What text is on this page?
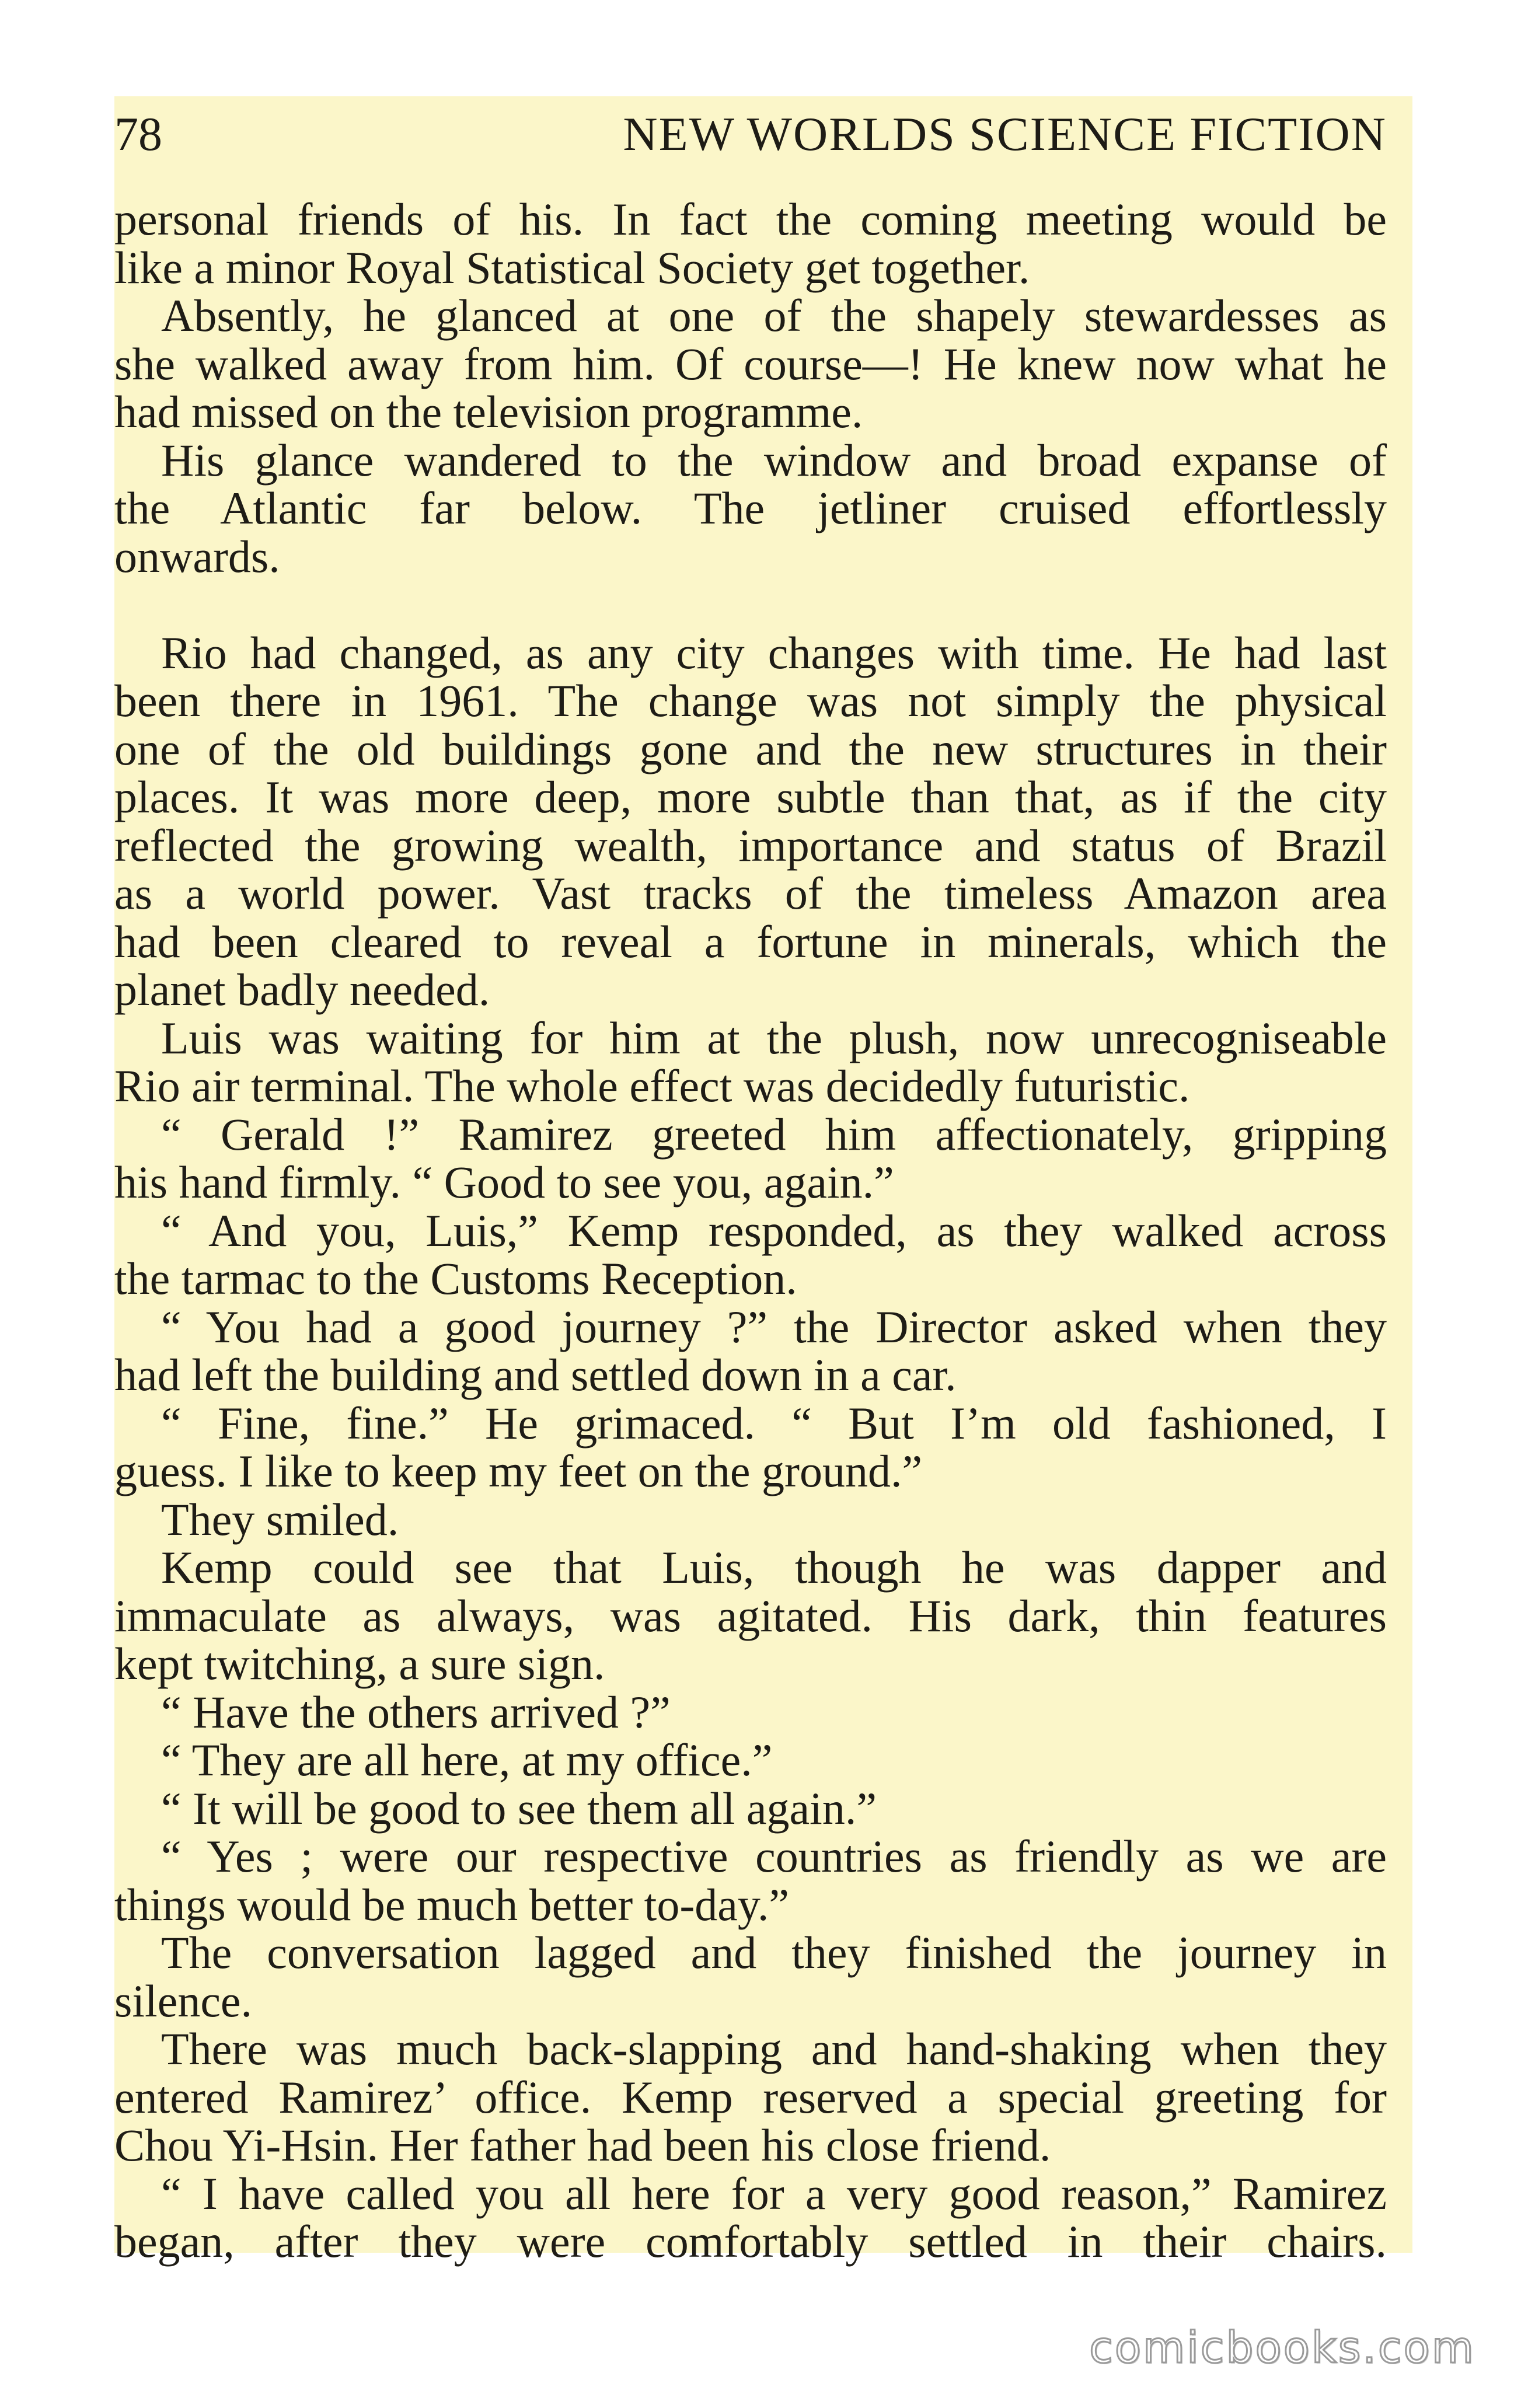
78	NEW WORLDS SCIENCE FICTION
personal friends of his. In fact the coming meeting would be
like a minor Royal Statistical Society get together.
Absently, he glanced at one of the shapely stewardesses as
she walked away from him. Of course—! He knew now what he
had missed on the television programme.
His glance wandered to the window and broad expanse of
the Atlantic far below. The jetliner cruised effortlessly
onwards.
Rio had changed, as any city changes with time. He had last
been there in 1961. The change was not simply the physical
one of the old buildings gone and the new structures in their
places. It was more deep, more subtle than that, as if the city
reflected the growing wealth, importance and status of Brazil
as a world power. Vast tracks of the timeless Amazon area
had been cleared to reveal a fortune in minerals, which the
planet badly needed.
Luis was waiting for him at the plush, now unrecogniseable
Rio air terminal. The whole effect was decidedly futuristic.
“ Gerald !” Ramirez greeted him affectionately, gripping
his hand firmly. “ Good to see you, again.”
“ And you, Luis,” Kemp responded, as they walked across
the tarmac to the Customs Reception.
“ You had a good journey ?” the Director asked when they
had left the building and settled down in a car.
“ Fine, fine.” He grimaced. “ But I’m old fashioned, I
guess. I like to keep my feet on the ground.”
They smiled.
Kemp could see that Luis, though he was dapper and
immaculate as always, was agitated. His dark, thin features
kept twitching, a sure sign.
“ Have the others arrived ?”
“ They are all here, at my office.”
“ It will be good to see them all again.”
“ Yes ; were our respective countries as friendly as we are
things would be much better to-day.”
The conversation lagged and they finished the journey in
silence.
There was much back-slapping and hand-shaking when they
entered Ramirez’ office. Kemp reserved a special greeting for
Chou Yi-Hsin. Her father had been his close friend.
“ I have called you all here for a very good reason,” Ramirez
began, after they were comfortably settled in their chairs.
comicbooks.com
